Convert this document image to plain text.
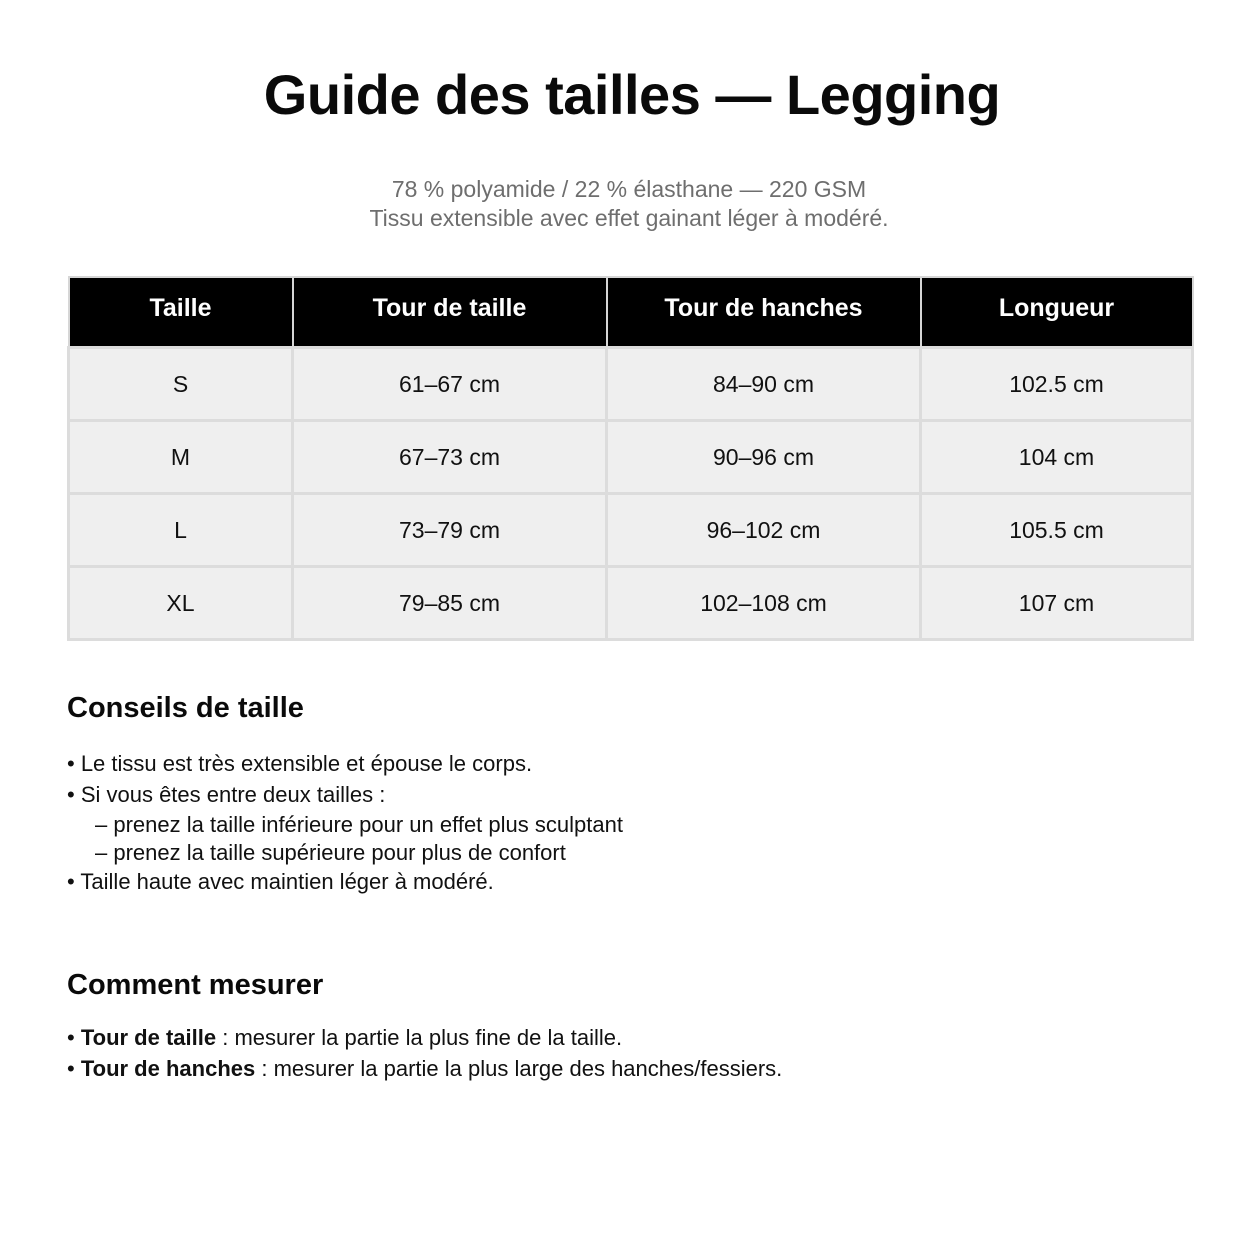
Guide des tailles — Legging
78 % polyamide / 22 % élasthane — 220 GSM
Tissu extensible avec effet gainant léger à modéré.
Taille	Tour de taille	Tour de hanches	Longueur
S	61–67 cm	84–90 cm	102.5 cm
M	67–73 cm	90–96 cm	104 cm
L	73–79 cm	96–102 cm	105.5 cm
XL	79–85 cm	102–108 cm	107 cm
Conseils de taille
• Le tissu est très extensible et épouse le corps.
• Si vous êtes entre deux tailles :
– prenez la taille inférieure pour un effet plus sculptant
– prenez la taille supérieure pour plus de confort
• Taille haute avec maintien léger à modéré.
Comment mesurer
• Tour de taille : mesurer la partie la plus fine de la taille.
• Tour de hanches : mesurer la partie la plus large des hanches/fessiers.
